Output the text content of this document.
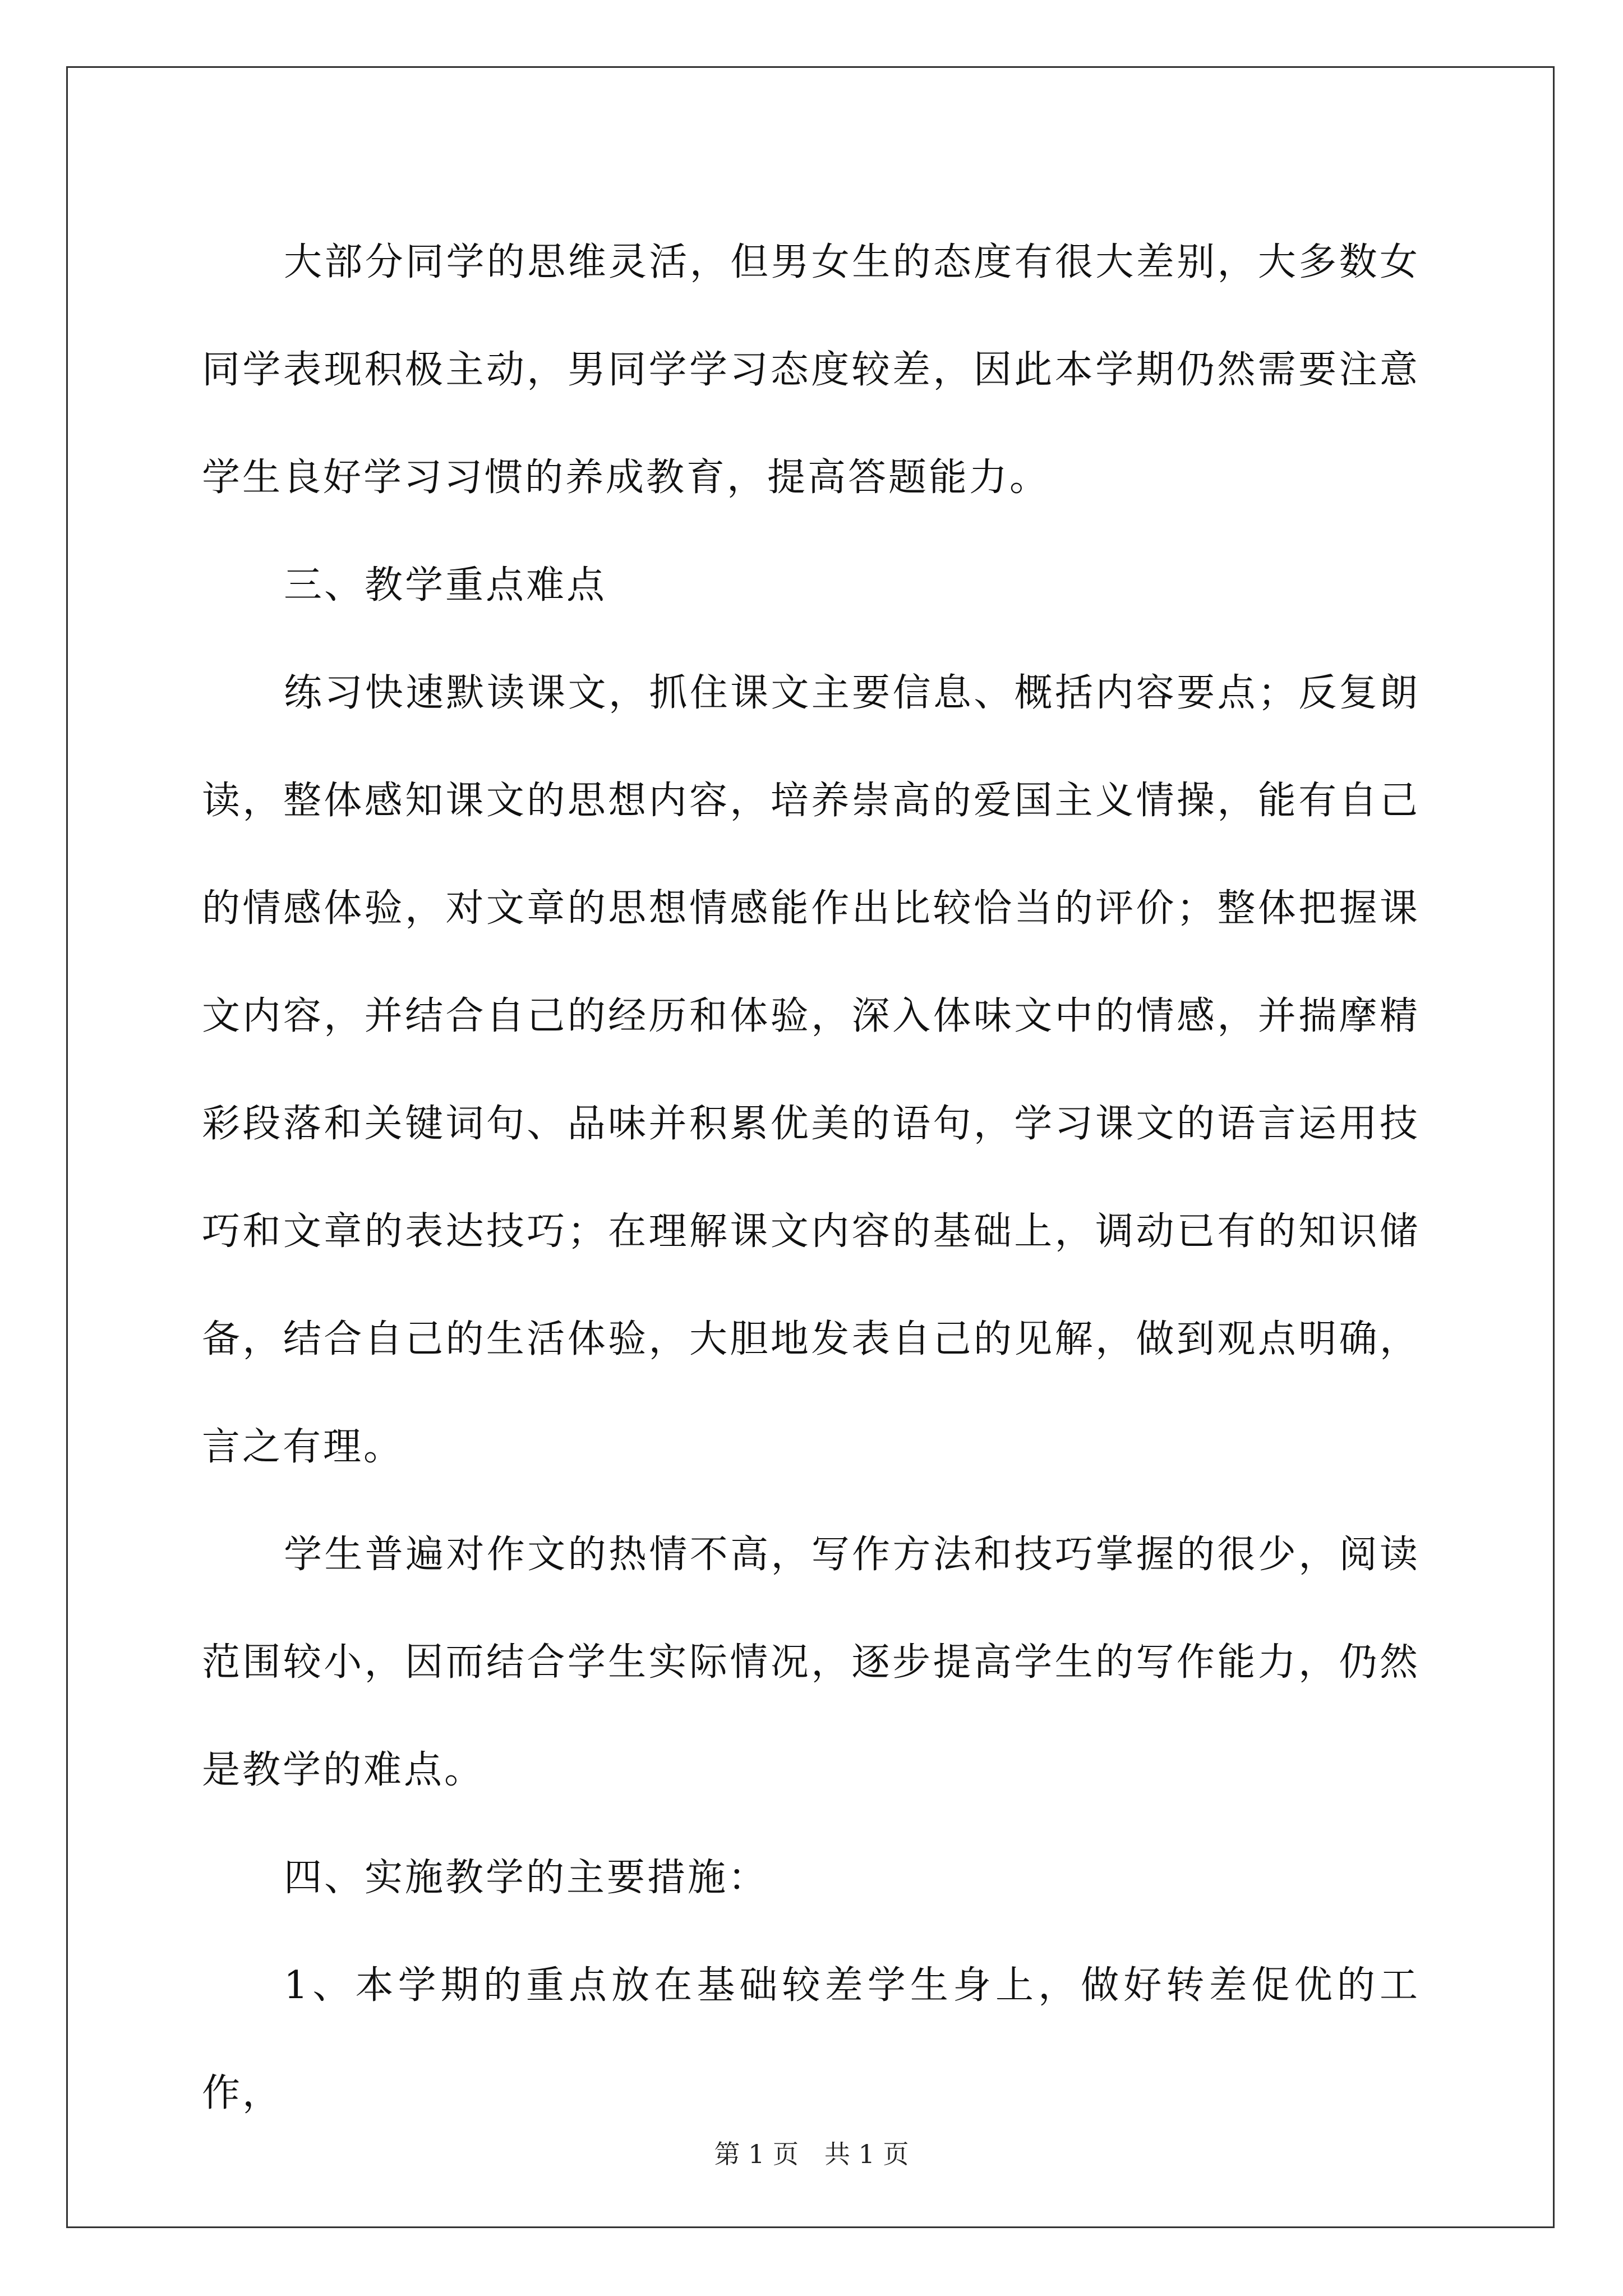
大部分同学的思维灵活，但男女生的态度有很大差别，大多数女同学表现积极主动，男同学学习态度较差，因此本学期仍然需要注意学生良好学习习惯的养成教育，提高答题能力。

三、教学重点难点

练习快速默读课文，抓住课文主要信息、概括内容要点；反复朗读，整体感知课文的思想内容，培养崇高的爱国主义情操，能有自己的情感体验，对文章的思想情感能作出比较恰当的评价；整体把握课文内容，并结合自己的经历和体验，深入体味文中的情感，并揣摩精彩段落和关键词句、品味并积累优美的语句，学习课文的语言运用技巧和文章的表达技巧；在理解课文内容的基础上，调动已有的知识储备，结合自己的生活体验，大胆地发表自己的见解，做到观点明确，言之有理。

学生普遍对作文的热情不高，写作方法和技巧掌握的很少，阅读范围较小，因而结合学生实际情况，逐步提高学生的写作能力，仍然是教学的难点。

四、实施教学的主要措施：

1、本学期的重点放在基础较差学生身上，做好转差促优的工作，

第 1 页　共 1 页
